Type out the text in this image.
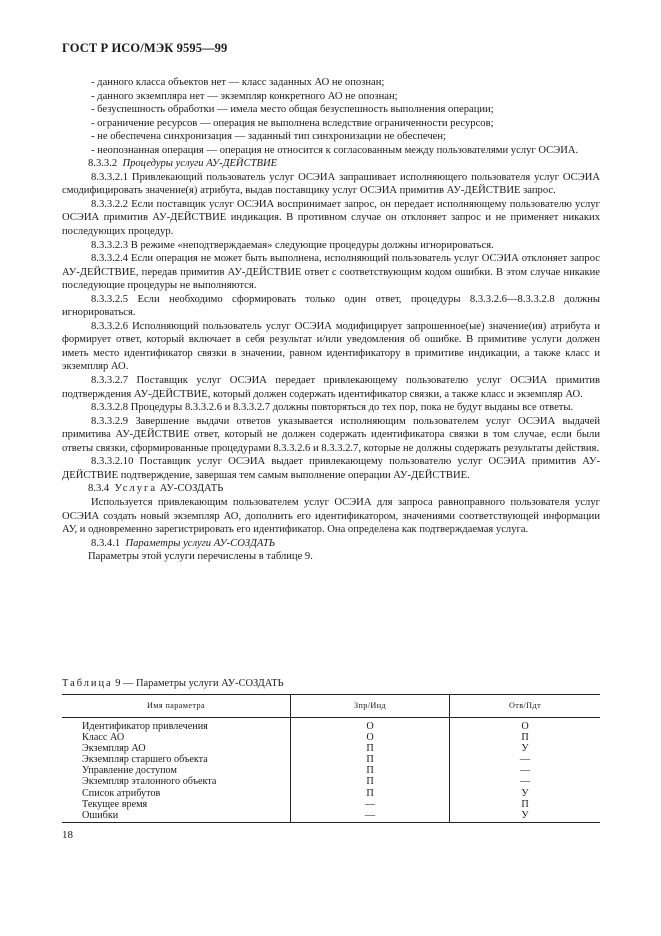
ГОСТ Р ИСО/МЭК 9595—99

- данного класса объектов нет — класс заданных АО не опознан;

- данного экземпляра нет — экземпляр конкретного АО не опознан;

- безуспешность обработки — имела место общая безуспешность выполнения операции;

- ограничение ресурсов — операция не выполнена вследствие ограниченности ресурсов;

- не обеспечена синхронизация — заданный тип синхронизации не обеспечен;

- неопознанная операция — операция не относится к согласованным между пользователями услуг ОСЭИА.

8.3.3.2 Процедуры услуги АУ-ДЕЙСТВИЕ

8.3.3.2.1 Привлекающий пользователь услуг ОСЭИА запрашивает исполняющего пользователя услуг ОСЭИА смодифицировать значение(я) атрибута, выдав поставщику услуг ОСЭИА примитив АУ-ДЕЙСТВИЕ запрос.

8.3.3.2.2 Если поставщик услуг ОСЭИА воспринимает запрос, он передает исполняющему пользователю услуг ОСЭИА примитив АУ-ДЕЙСТВИЕ индикация. В противном случае он отклоняет запрос и не применяет никаких последующих процедур.

8.3.3.2.3 В режиме «неподтверждаемая» следующие процедуры должны игнорироваться.

8.3.3.2.4 Если операция не может быть выполнена, исполняющий пользователь услуг ОСЭИА отклоняет запрос АУ-ДЕЙСТВИЕ, передав примитив АУ-ДЕЙСТВИЕ ответ с соответствующим кодом ошибки. В этом случае никакие последующие процедуры не выполняются.

8.3.3.2.5 Если необходимо сформировать только один ответ, процедуры 8.3.3.2.6—8.3.3.2.8 должны игнорироваться.

8.3.3.2.6 Исполняющий пользователь услуг ОСЭИА модифицирует запрошенное(ые) значение(ия) атрибута и формирует ответ, который включает в себя результат и/или уведомления об ошибке. В примитиве услуги должен иметь место идентификатор связки в значении, равном идентификатору в примитиве индикации, а также класс и экземпляр АО.

8.3.3.2.7 Поставщик услуг ОСЭИА передает привлекающему пользователю услуг ОСЭИА примитив подтверждения АУ-ДЕЙСТВИЕ, который должен содержать идентификатор связки, а также класс и экземпляр АО.

8.3.3.2.8 Процедуры 8.3.3.2.6 и 8.3.3.2.7 должны повторяться до тех пор, пока не будут выданы все ответы.

8.3.3.2.9 Завершение выдачи ответов указывается исполняющим пользователем услуг ОСЭИА выдачей примитива АУ-ДЕЙСТВИЕ ответ, который не должен содержать идентификатора связки в том случае, если были ответы связки, сформированные процедурами 8.3.3.2.6 и 8.3.3.2.7, которые не должны содержать результаты действия.

8.3.3.2.10 Поставщик услуг ОСЭИА выдает привлекающему пользователю услуг ОСЭИА примитив АУ-ДЕЙСТВИЕ подтверждение, завершая тем самым выполнение операции АУ-ДЕЙСТВИЕ.

8.3.4 Услуга АУ-СОЗДАТЬ

Используется привлекающим пользователем услуг ОСЭИА для запроса равноправного пользователя услуг ОСЭИА создать новый экземпляр АО, дополнить его идентификатором, значениями соответствующей информации АУ, и одновременно зарегистрировать его идентификатор. Она определена как подтверждаемая услуга.

8.3.4.1 Параметры услуги АУ-СОЗДАТЬ

Параметры этой услуги перечислены в таблице 9.

Таблица 9 — Параметры услуги АУ-СОЗДАТЬ
Имя параметра	Зпр/Инд	Отв/Пдт
Идентификатор привлечения	О	О
Класс АО	О	П
Экземпляр АО	П	У
Экземпляр старшего объекта	П	—
Управление доступом	П	—
Экземпляр эталонного объекта	П	—
Список атрибутов	П	У
Текущее время	—	П
Ошибки	—	У
18
